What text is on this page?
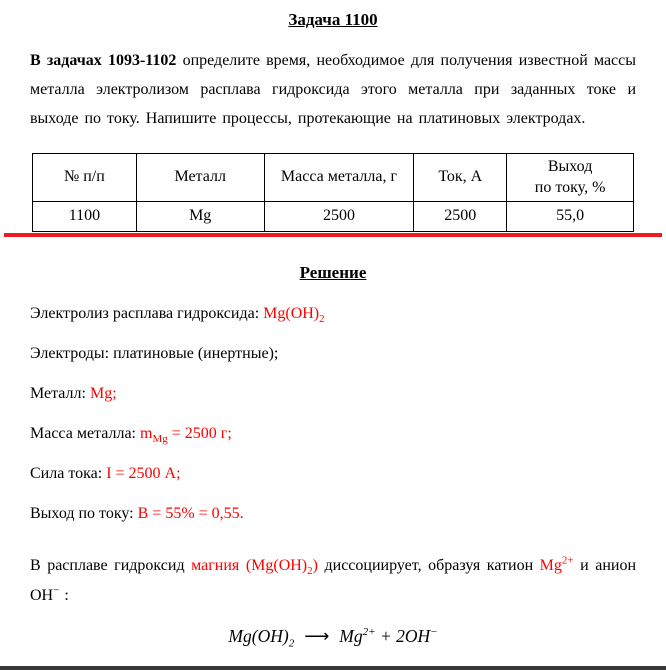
Задача 1100

В задачах 1093-1102 определите время, необходимое для получения известной массы металла электролизом расплава гидроксида этого металла при заданных токе и выходе по току. Напишите процессы, протекающие на платиновых электродах.

№ п/п	Металл	Масса металла, г	Ток, А	Выход
по току, %

1100	Mg	2500	2500	55,0
Решение

Электролиз расплава гидроксида: $Mg(OH)_2$

Электроды: платиновые (инертные);

Металл: Mg;

Масса металла: $m_{Mg} = 2500$ г;

Сила тока: I = 2500 А;

Выход по току: В = 55% = 0,55.

В расплаве гидроксид магния $(Mg(OH)_2)$ диссоциирует, образуя катион $Mg^{2+}$ и анион OH− :

$Mg(OH)_2$ ⟶ $Mg^{2+} + 2OH^-$
